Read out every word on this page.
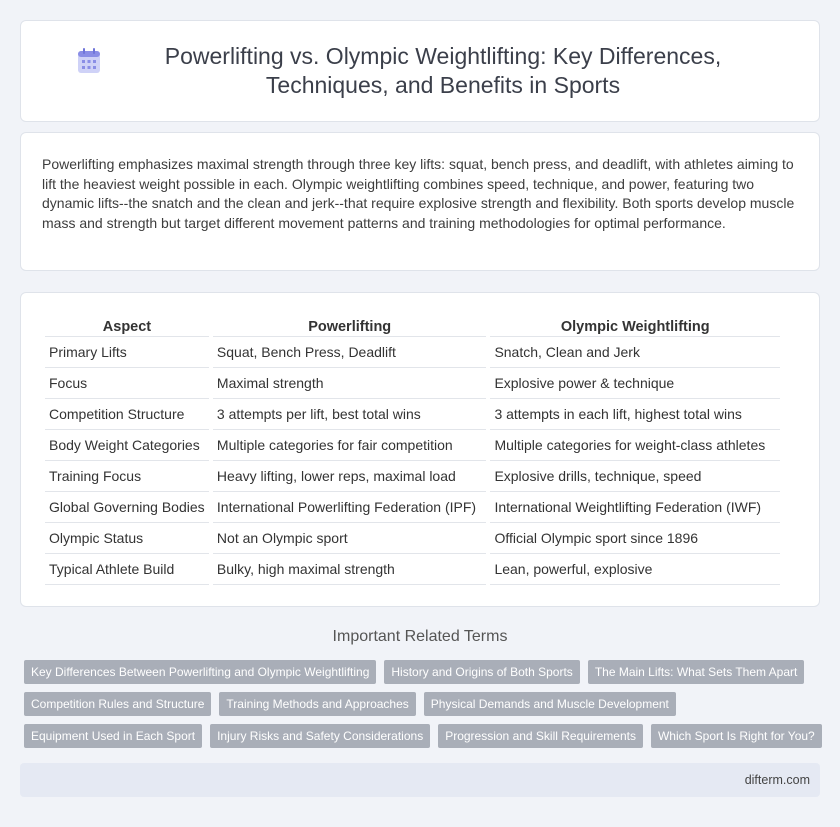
Powerlifting vs. Olympic Weightlifting: Key Differences, Techniques, and Benefits in Sports

Powerlifting emphasizes maximal strength through three key lifts: squat, bench press, and deadlift, with athletes aiming to lift the heaviest weight possible in each. Olympic weightlifting combines speed, technique, and power, featuring two dynamic lifts--the snatch and the clean and jerk--that require explosive strength and flexibility. Both sports develop muscle mass and strength but target different movement patterns and training methodologies for optimal performance.

Aspect	Powerlifting	Olympic Weightlifting
Primary Lifts	Squat, Bench Press, Deadlift	Snatch, Clean and Jerk
Focus	Maximal strength	Explosive power & technique
Competition Structure	3 attempts per lift, best total wins	3 attempts in each lift, highest total wins
Body Weight Categories	Multiple categories for fair competition	Multiple categories for weight-class athletes
Training Focus	Heavy lifting, lower reps, maximal load	Explosive drills, technique, speed
Global Governing Bodies	International Powerlifting Federation (IPF)	International Weightlifting Federation (IWF)
Olympic Status	Not an Olympic sport	Official Olympic sport since 1896
Typical Athlete Build	Bulky, high maximal strength	Lean, powerful, explosive
Important Related Terms
Key Differences Between Powerlifting and Olympic Weightlifting	History and Origins of Both Sports	The Main Lifts: What Sets Them Apart
Competition Rules and Structure	Training Methods and Approaches	Physical Demands and Muscle Development
Equipment Used in Each Sport	Injury Risks and Safety Considerations	Progression and Skill Requirements	Which Sport Is Right for You?
difterm.com
